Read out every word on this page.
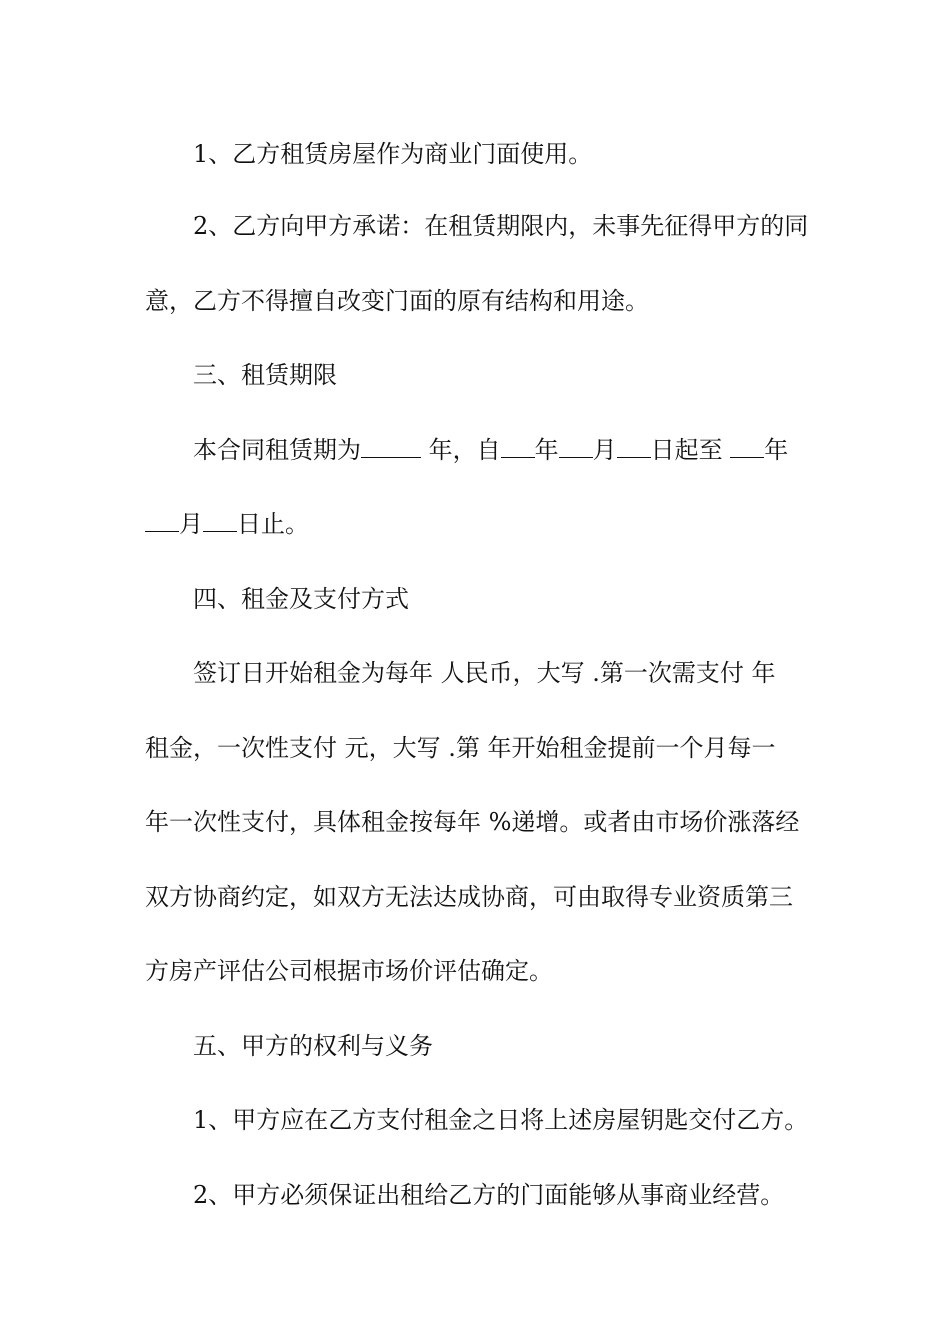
1、乙方租赁房屋作为商业门面使用。
2、乙方向甲方承诺：在租赁期限内，未事先征得甲方的同
意，乙方不得擅自改变门面的原有结构和用途。
三、租赁期限
本合同租赁期为	年，自 年 月 日起至 年
月 日止。
四、租金及支付方式
签订日开始租金为每年 人民币，大写 .第一次需支付 年
租金，一次性支付 元，大写 .第 年开始租金提前一个月每一
年一次性支付，具体租金按每年 %递增。或者由市场价涨落经
双方协商约定，如双方无法达成协商，可由取得专业资质第三
方房产评估公司根据市场价评估确定。
五、甲方的权利与义务
1、甲方应在乙方支付租金之日将上述房屋钥匙交付乙方。
2、甲方必须保证出租给乙方的门面能够从事商业经营。
